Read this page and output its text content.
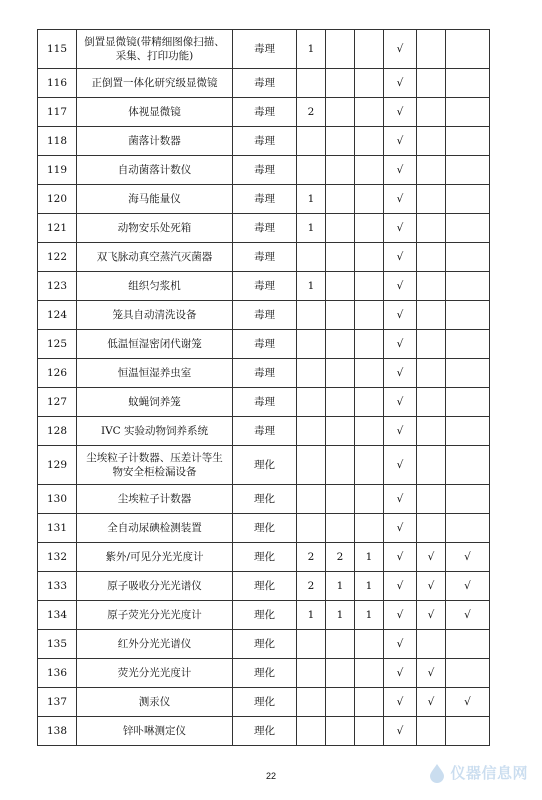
115	倒置显微镜(带精细图像扫描、采集、打印功能)	毒理	1			√		
116	正倒置一体化研究级显微镜	毒理				√		
117	体视显微镜	毒理	2			√		
118	菌落计数器	毒理				√		
119	自动菌落计数仪	毒理				√		
120	海马能量仪	毒理	1			√		
121	动物安乐处死箱	毒理	1			√		
122	双飞脉动真空蒸汽灭菌器	毒理				√		
123	组织匀浆机	毒理	1			√		
124	笼具自动清洗设备	毒理				√		
125	低温恒湿密闭代谢笼	毒理				√		
126	恒温恒湿养虫室	毒理				√		
127	蚊蝇饲养笼	毒理				√		
128	IVC 实验动物饲养系统	毒理				√		
129	尘埃粒子计数器、压差计等生物安全柜检漏设备	理化				√		
130	尘埃粒子计数器	理化				√		
131	全自动尿碘检测装置	理化				√		
132	紫外/可见分光光度计	理化	2	2	1	√	√	√
133	原子吸收分光光谱仪	理化	2	1	1	√	√	√
134	原子荧光分光光度计	理化	1	1	1	√	√	√
135	红外分光光谱仪	理化				√		
136	荧光分光光度计	理化				√	√	
137	测汞仪	理化				√	√	√
138	锌卟啉测定仪	理化				√		
22	仪器信息网
